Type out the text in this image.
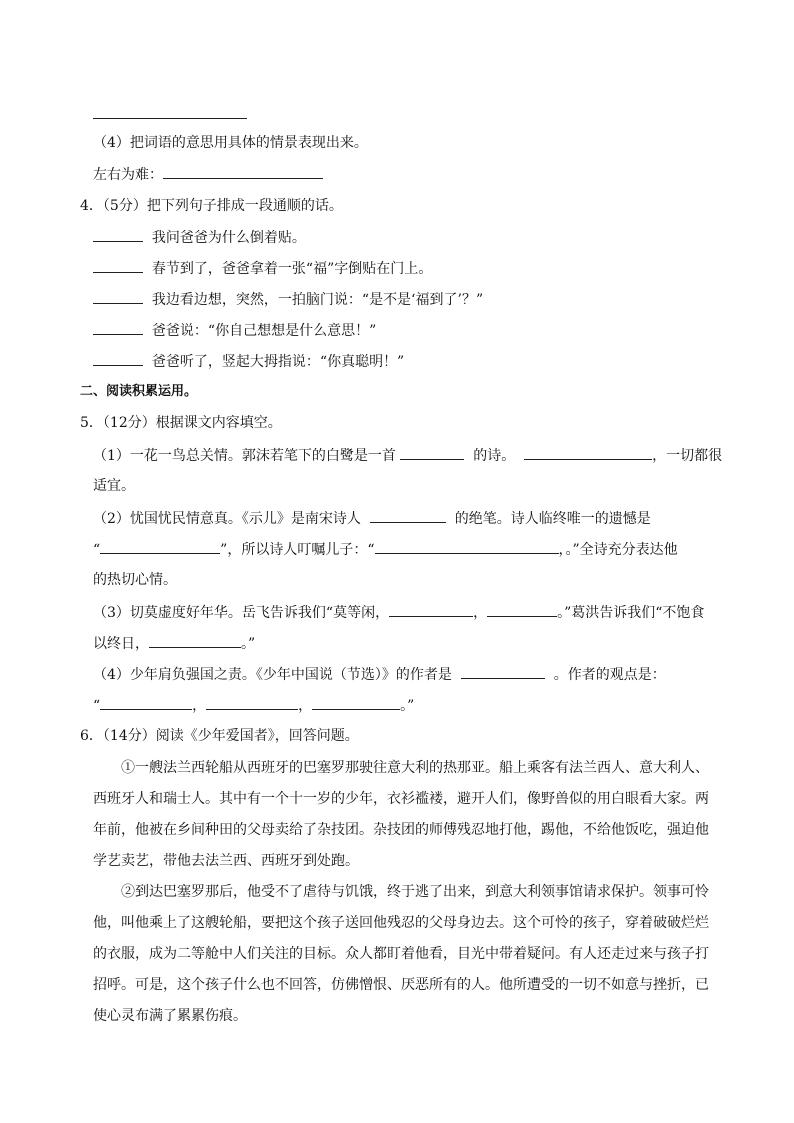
（4）把词语的意思用具体的情景表现出来。
左右为难：
4．（5分）把下列句子排成一段通顺的话。
我问爸爸为什么倒着贴。
春节到了，爸爸拿着一张“福”字倒贴在门上。
我边看边想，突然，一拍脑门说：“是不是‘福到了’？”
爸爸说：“你自己想想是什么意思！”
爸爸听了，竖起大拇指说：“你真聪明！”
二、阅读积累运用。
5．（12分）根据课文内容填空。
（1）一花一鸟总关情。郭沫若笔下的白鹭是一首	的诗。	，一切都很
适宜。
（2）忧国忧民情意真。《示儿》是南宋诗人	的绝笔。诗人临终唯一的遗憾是
“	”，所以诗人叮嘱儿子：“	，。”全诗充分表达他
的热切心情。
（3）切莫虚度好年华。岳飞告诉我们“莫等闲，	，	。”葛洪告诉我们“不饱食
以终日，	。”
（4）少年肩负强国之责。《少年中国说（节选）》的作者是	。作者的观点是：
“	，	，	。”
6．（14分）阅读《少年爱国者》，回答问题。
①一艘法兰西轮船从西班牙的巴塞罗那驶往意大利的热那亚。船上乘客有法兰西人、意大利人、西班牙人和瑞士人。其中有一个十一岁的少年，衣衫褴褛，避开人们，像野兽似的用白眼看大家。两年前，他被在乡间种田的父母卖给了杂技团。杂技团的师傅残忍地打他，踢他，不给他饭吃，强迫他学艺卖艺，带他去法兰西、西班牙到处跑。
②到达巴塞罗那后，他受不了虐待与饥饿，终于逃了出来，到意大利领事馆请求保护。领事可怜他，叫他乘上了这艘轮船，要把这个孩子送回他残忍的父母身边去。这个可怜的孩子，穿着破破烂烂的衣服，成为二等舱中人们关注的目标。众人都盯着他看，目光中带着疑问。有人还走过来与孩子打招呼。可是，这个孩子什么也不回答，仿佛憎恨、厌恶所有的人。他所遭受的一切不如意与挫折，已使心灵布满了累累伤痕。
